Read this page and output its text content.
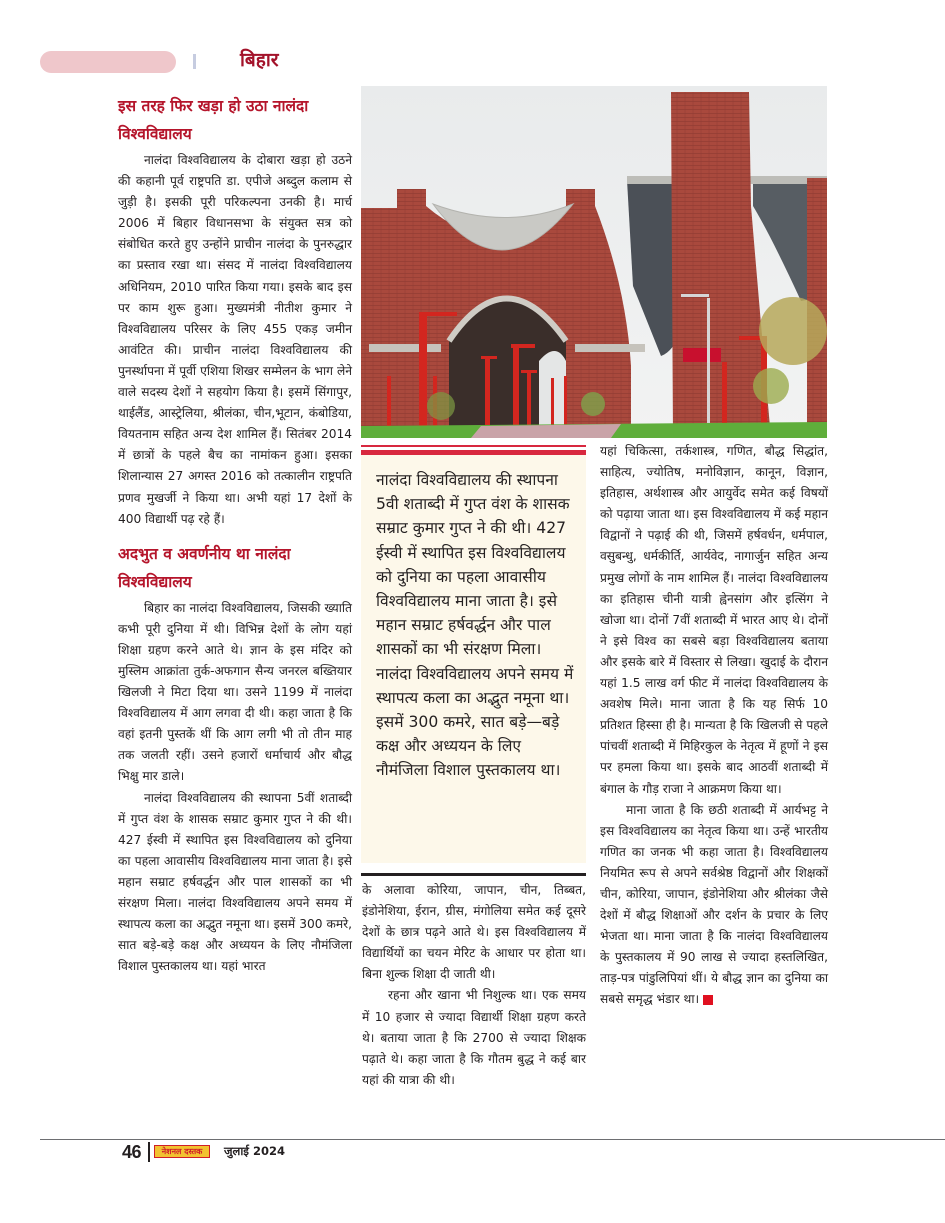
बिहार
इस तरह फिर खड़ा हो उठा नालंदा विश्वविद्यालय

नालंदा विश्वविद्यालय के दोबारा खड़ा हो उठने की कहानी पूर्व राष्ट्रपति डा. एपीजे अब्दुल कलाम से जुड़ी है। इसकी पूरी परिकल्पना उनकी है। मार्च 2006 में बिहार विधानसभा के संयुक्त सत्र को संबोधित करते हुए उन्होंने प्राचीन नालंदा के पुनरुद्धार का प्रस्ताव रखा था। संसद में नालंदा विश्वविद्यालय अधिनियम, 2010 पारित किया गया। इसके बाद इस पर काम शुरू हुआ। मुख्यमंत्री नीतीश कुमार ने विश्वविद्यालय परिसर के लिए 455 एकड़ जमीन आवंटित की। प्राचीन नालंदा विश्वविद्यालय की पुनर्स्थापना में पूर्वी एशिया शिखर सम्मेलन के भाग लेने वाले सदस्य देशों ने सहयोग किया है। इसमें सिंगापुर, थाईलैंड, आस्ट्रेलिया, श्रीलंका, चीन,भूटान, कंबोडिया, वियतनाम सहित अन्य देश शामिल हैं। सितंबर 2014 में छात्रों के पहले बैच का नामांकन हुआ। इसका शिलान्यास 27 अगस्त 2016 को तत्कालीन राष्ट्रपति प्रणव मुखर्जी ने किया था। अभी यहां 17 देशों के 400 विद्यार्थी पढ़ रहे हैं।

अदभुत व अवर्णनीय था नालंदा विश्वविद्यालय

बिहार का नालंदा विश्वविद्यालय, जिसकी ख्याति कभी पूरी दुनिया में थी। विभिन्न देशों के लोग यहां शिक्षा ग्रहण करने आते थे। ज्ञान के इस मंदिर को मुस्लिम आक्रांता तुर्क-अफगान सैन्य जनरल बख्तियार खिलजी ने मिटा दिया था। उसने 1199 में नालंदा विश्वविद्यालय में आग लगवा दी थी। कहा जाता है कि वहां इतनी पुस्तकें थीं कि आग लगी भी तो तीन माह तक जलती रहीं। उसने हजारों धर्माचार्य और बौद्ध भिक्षु मार डाले।

नालंदा विश्वविद्यालय की स्थापना 5वीं शताब्दी में गुप्त वंश के शासक सम्राट कुमार गुप्त ने की थी। 427 ईस्वी में स्थापित इस विश्वविद्यालय को दुनिया का पहला आवासीय विश्वविद्यालय माना जाता है। इसे महान सम्राट हर्षवर्द्धन और पाल शासकों का भी संरक्षण मिला। नालंदा विश्वविद्यालय अपने समय में स्थापत्य कला का अद्भुत नमूना था। इसमें 300 कमरे, सात बड़े-बड़े कक्ष और अध्ययन के लिए नौमंजिला विशाल पुस्तकालय था। यहां भारत

नालंदा विश्वविद्यालय की स्थापना 5वी शताब्दी में गुप्त वंश के शासक सम्राट कुमार गुप्त ने की थी। 427 ईस्वी में स्थापित इस विश्वविद्यालय को दुनिया का पहला आवासीय विश्वविद्यालय माना जाता है। इसे महान सम्राट हर्षवर्द्धन और पाल शासकों का भी संरक्षण मिला। नालंदा विश्वविद्यालय अपने समय में स्थापत्य कला का अद्भुत नमूना था। इसमें 300 कमरे, सात बड़े—बड़े कक्ष और अध्ययन के लिए नौमंजिला विशाल पुस्तकालय था।

के अलावा कोरिया, जापान, चीन, तिब्बत, इंडोनेशिया, ईरान, ग्रीस, मंगोलिया समेत कई दूसरे देशों के छात्र पढ़ने आते थे। इस विश्वविद्यालय में विद्यार्थियों का चयन मेरिट के आधार पर होता था। बिना शुल्क शिक्षा दी जाती थी।

रहना और खाना भी निशुल्क था। एक समय में 10 हजार से ज्यादा विद्यार्थी शिक्षा ग्रहण करते थे। बताया जाता है कि 2700 से ज्यादा शिक्षक पढ़ाते थे। कहा जाता है कि गौतम बुद्ध ने कई बार यहां की यात्रा की थी।

यहां चिकित्सा, तर्कशास्त्र, गणित, बौद्ध सिद्धांत, साहित्य, ज्योतिष, मनोविज्ञान, कानून, विज्ञान, इतिहास, अर्थशास्त्र और आयुर्वेद समेत कई विषयों को पढ़ाया जाता था। इस विश्वविद्यालय में कई महान विद्वानों ने पढ़ाई की थी, जिसमें हर्षवर्धन, धर्मपाल, वसुबन्धु, धर्मकीर्ति, आर्यवेद, नागार्जुन सहित अन्य प्रमुख लोगों के नाम शामिल हैं। नालंदा विश्वविद्यालय का इतिहास चीनी यात्री ह्वेनसांग और इत्सिंग ने खोजा था। दोनों 7वीं शताब्दी में भारत आए थे। दोनों ने इसे विश्व का सबसे बड़ा विश्वविद्यालय बताया और इसके बारे में विस्तार से लिखा। खुदाई के दौरान यहां 1.5 लाख वर्ग फीट में नालंदा विश्वविद्यालय के अवशेष मिले। माना जाता है कि यह सिर्फ 10 प्रतिशत हिस्सा ही है। मान्यता है कि खिलजी से पहले पांचवीं शताब्दी में मिहिरकुल के नेतृत्व में हूणों ने इस पर हमला किया था। इसके बाद आठवीं शताब्दी में बंगाल के गौड़ राजा ने आक्रमण किया था।

माना जाता है कि छठी शताब्दी में आर्यभट्ट ने इस विश्वविद्यालय का नेतृत्व किया था। उन्हें भारतीय गणित का जनक भी कहा जाता है। विश्वविद्यालय नियमित रूप से अपने सर्वश्रेष्ठ विद्वानों और शिक्षकों चीन, कोरिया, जापान, इंडोनेशिया और श्रीलंका जैसे देशों में बौद्ध शिक्षाओं और दर्शन के प्रचार के लिए भेजता था। माना जाता है कि नालंदा विश्वविद्यालय के पुस्तकालय में 90 लाख से ज्यादा हस्तलिखित, ताड़-पत्र पांडुलिपियां थीं। ये बौद्ध ज्ञान का दुनिया का सबसे समृद्ध भंडार था।

46	नेशनल दस्तक	जुलाई 2024
